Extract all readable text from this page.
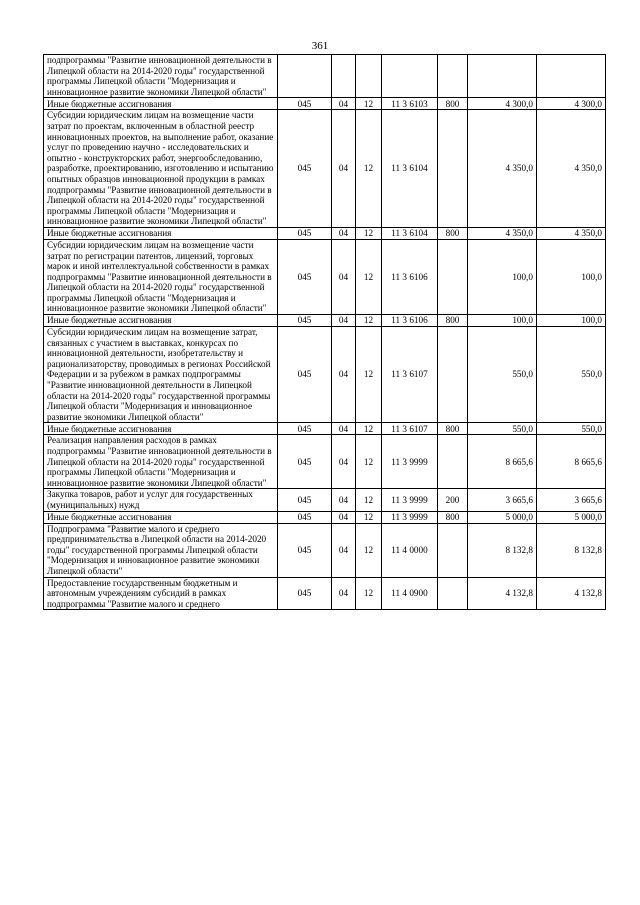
361
подпрограммы "Развитие инновационной деятельности в Липецкой области на 2014-2020 годы" государственной программы Липецкой области "Модернизация и инновационное развитие экономики Липецкой области"							
Иные бюджетные ассигнования	045	04	12	11 3 6103	800	4 300,0	4 300,0
Субсидии юридическим лицам на возмещение части затрат по проектам, включенным в областной реестр инновационных проектов, на выполнение работ, оказание услуг по проведению научно - исследовательских и опытно - конструкторских работ, энергообследованию, разработке, проектированию, изготовлению и испытанию опытных образцов инновационной продукции в рамках подпрограммы "Развитие инновационной деятельности в Липецкой области на 2014-2020 годы" государственной программы Липецкой области "Модернизация и инновационное развитие экономики Липецкой области"	045	04	12	11 3 6104		4 350,0	4 350,0
Иные бюджетные ассигнования	045	04	12	11 3 6104	800	4 350,0	4 350,0
Субсидии юридическим лицам на возмещение части затрат по регистрации патентов, лицензий, торговых марок и иной интеллектуальной собственности в рамках подпрограммы "Развитие инновационной деятельности в Липецкой области на 2014-2020 годы" государственной программы Липецкой области "Модернизация и инновационное развитие экономики Липецкой области"	045	04	12	11 3 6106		100,0	100,0
Иные бюджетные ассигнования	045	04	12	11 3 6106	800	100,0	100,0
Субсидии юридическим лицам на возмещение затрат, связанных с участием в выставках, конкурсах по инновационной деятельности, изобретательству и рационализаторству, проводимых в регионах Российской Федерации и за рубежом в рамках подпрограммы "Развитие инновационной деятельности в Липецкой области на 2014-2020 годы" государственной программы Липецкой области "Модернизация и инновационное развитие экономики Липецкой области"	045	04	12	11 3 6107		550,0	550,0
Иные бюджетные ассигнования	045	04	12	11 3 6107	800	550,0	550,0
Реализация направления расходов в рамках подпрограммы "Развитие инновационной деятельности в Липецкой области на 2014-2020 годы" государственной программы Липецкой области "Модернизация и инновационное развитие экономики Липецкой области"	045	04	12	11 3 9999		8 665,6	8 665,6
Закупка товаров, работ и услуг для государственных (муниципальных) нужд	045	04	12	11 3 9999	200	3 665,6	3 665,6
Иные бюджетные ассигнования	045	04	12	11 3 9999	800	5 000,0	5 000,0
Подпрограмма "Развитие малого и среднего предпринимательства в Липецкой области на 2014-2020 годы" государственной программы Липецкой области "Модернизация и инновационное развитие экономики Липецкой области"	045	04	12	11 4 0000		8 132,8	8 132,8
Предоставление государственным бюджетным и автономным учреждениям субсидий в рамках подпрограммы "Развитие малого и среднего	045	04	12	11 4 0900		4 132,8	4 132,8
